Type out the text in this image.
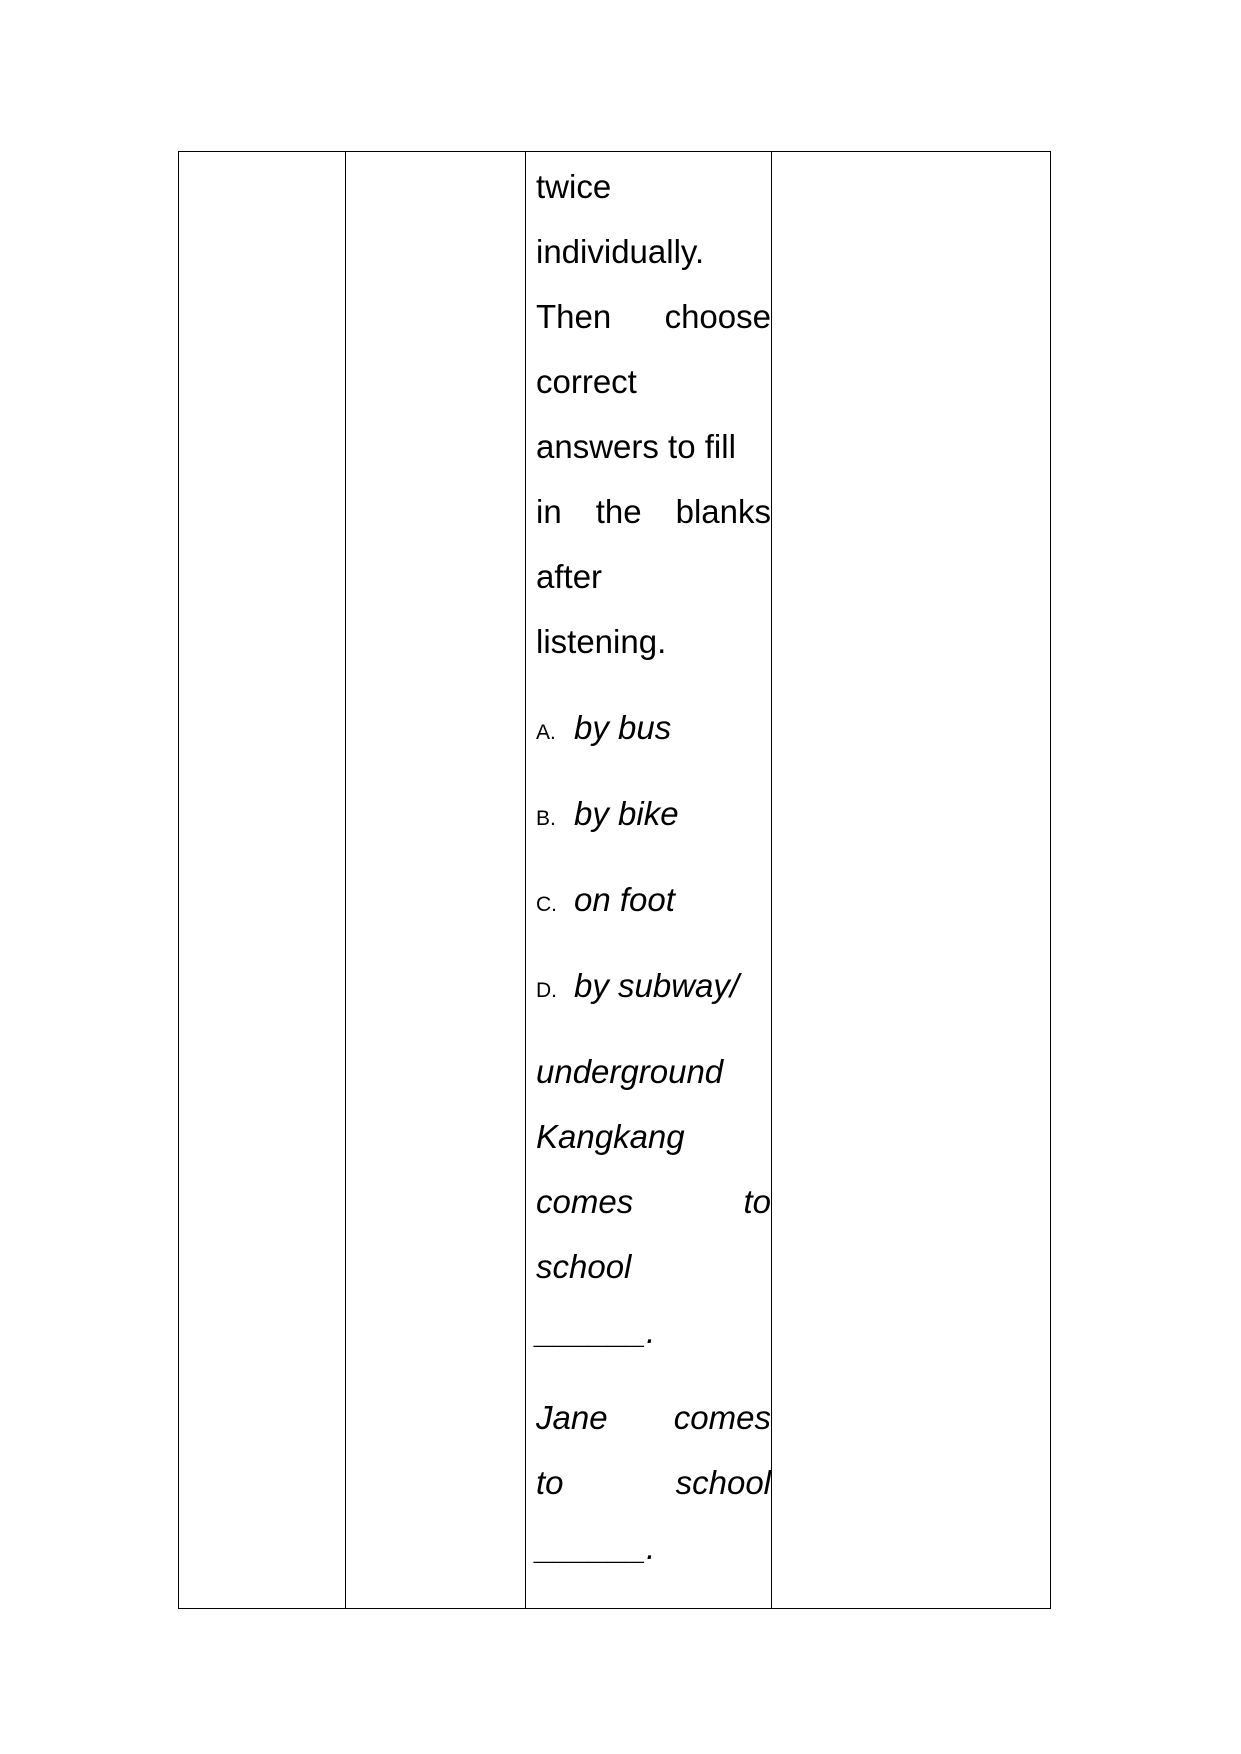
twice
individually.
Then choose
correct
answers to fill
in the blanks
after
listening.
A. by bus
B. by bike
C. on foot
D. by subway/
underground
Kangkang
comes	to
school
______.
Jane comes
to	school
______.
